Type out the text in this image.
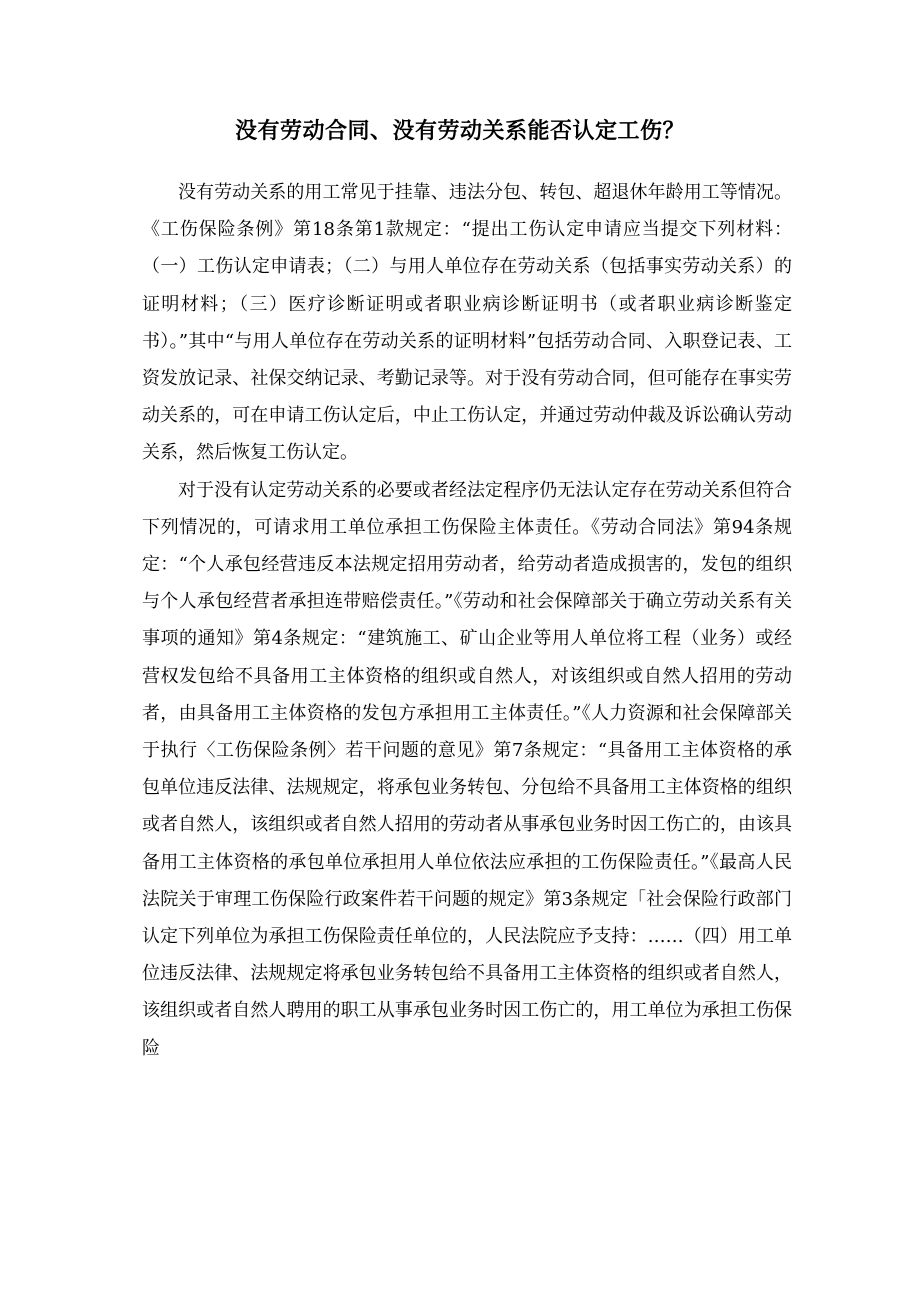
没有劳动合同、没有劳动关系能否认定工伤？

没有劳动关系的用工常见于挂靠、违法分包、转包、超退休年龄用工等情况。《工伤保险条例》第18条第1款规定：“提出工伤认定申请应当提交下列材料：（一）工伤认定申请表；（二）与用人单位存在劳动关系（包括事实劳动关系）的证明材料；（三）医疗诊断证明或者职业病诊断证明书（或者职业病诊断鉴定书）。”其中“与用人单位存在劳动关系的证明材料”包括劳动合同、入职登记表、工资发放记录、社保交纳记录、考勤记录等。对于没有劳动合同，但可能存在事实劳动关系的，可在申请工伤认定后，中止工伤认定，并通过劳动仲裁及诉讼确认劳动关系，然后恢复工伤认定。

对于没有认定劳动关系的必要或者经法定程序仍无法认定存在劳动关系但符合下列情况的，可请求用工单位承担工伤保险主体责任。《劳动合同法》第94条规定：“个人承包经营违反本法规定招用劳动者，给劳动者造成损害的，发包的组织与个人承包经营者承担连带赔偿责任。”《劳动和社会保障部关于确立劳动关系有关事项的通知》第4条规定：“建筑施工、矿山企业等用人单位将工程（业务）或经营权发包给不具备用工主体资格的组织或自然人，对该组织或自然人招用的劳动者，由具备用工主体资格的发包方承担用工主体责任。”《人力资源和社会保障部关于执行〈工伤保险条例〉若干问题的意见》第7条规定：“具备用工主体资格的承包单位违反法律、法规规定，将承包业务转包、分包给不具备用工主体资格的组织或者自然人，该组织或者自然人招用的劳动者从事承包业务时因工伤亡的，由该具备用工主体资格的承包单位承担用人单位依法应承担的工伤保险责任。”《最高人民法院关于审理工伤保险行政案件若干问题的规定》第3条规定「社会保险行政部门认定下列单位为承担工伤保险责任单位的，人民法院应予支持：……（四）用工单位违反法律、法规规定将承包业务转包给不具备用工主体资格的组织或者自然人，该组织或者自然人聘用的职工从事承包业务时因工伤亡的，用工单位为承担工伤保险
